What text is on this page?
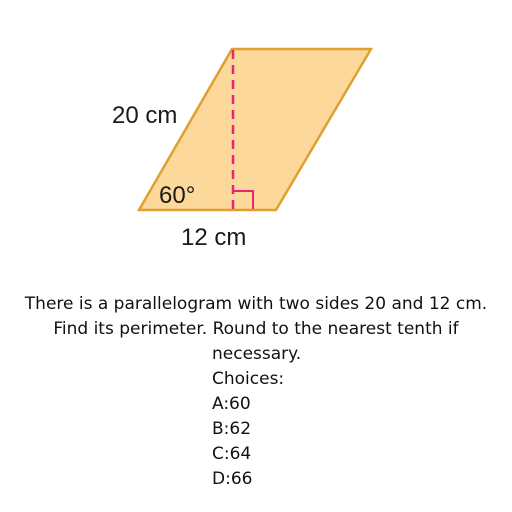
20 cm
60°
12 cm
There is a parallelogram with two sides 20 and 12 cm.
Find its perimeter. Round to the nearest tenth if
necessary.
Choices:
A:60
B:62
C:64
D:66
